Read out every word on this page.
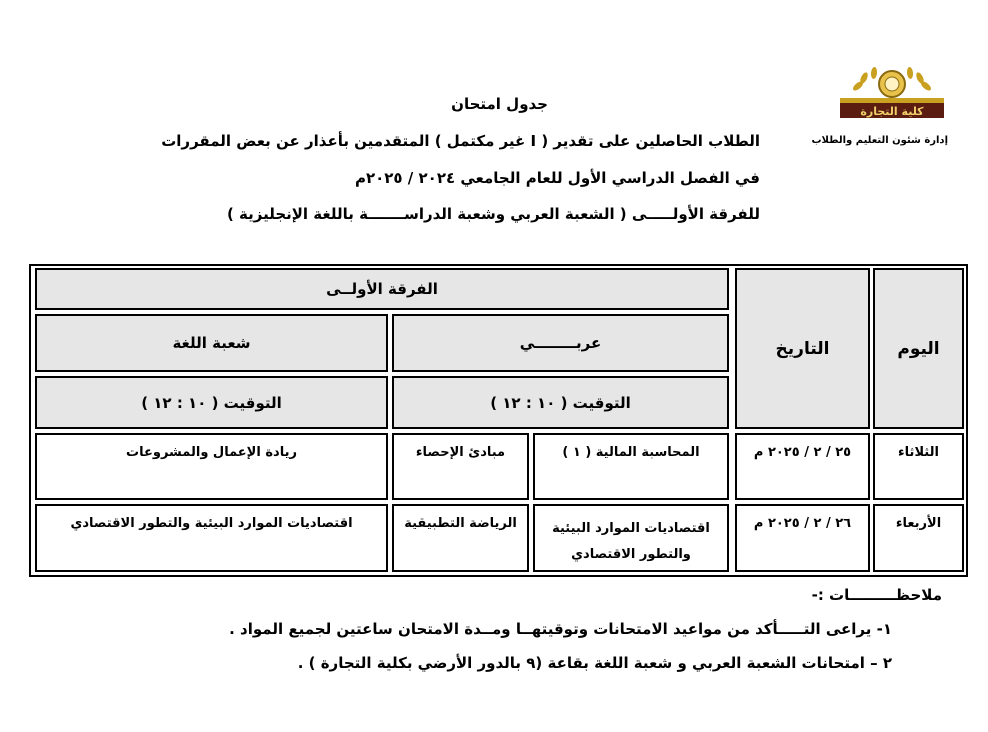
كلية التجارة
إدارة شئون التعليم والطلاب
جدول امتحان
الطلاب الحاصلين على تقدير ( I غير مكتمل ) المتقدمين بأعذار عن بعض المقررات
في الفصل الدراسي الأول للعام الجامعي ٢٠٢٤ / ٢٠٢٥م
للفرقة الأولـــــى ( الشعبة العربي وشعبة الدراســـــــة باللغة الإنجليزية )
اليوم
التاريخ
الفرقة الأولــى
عربــــــــي
شعبة اللغة
التوقيت ( ١٠ : ١٢ )
التوقيت ( ١٠ : ١٢ )
الثلاثاء
٢٥ / ٢ / ٢٠٢٥ م
المحاسبة المالية ( ١ )
مبادئ الإحصاء
ريادة الإعمال والمشروعات
الأربعاء
٢٦ / ٢ / ٢٠٢٥ م
اقتصاديات الموارد البيئية والتطور الاقتصادي
الرياضة التطبيقية
اقتصاديات الموارد البيئية والتطور الاقتصادي
ملاحظـــــــــات :-
١- يراعى التـــــأكد من مواعيد الامتحانات وتوقيتهــا ومــدة الامتحان ساعتين لجميع المواد .
٢ – امتحانات الشعبة العربي و شعبة اللغة بقاعة (٩ بالدور الأرضي بكلية التجارة ) .
